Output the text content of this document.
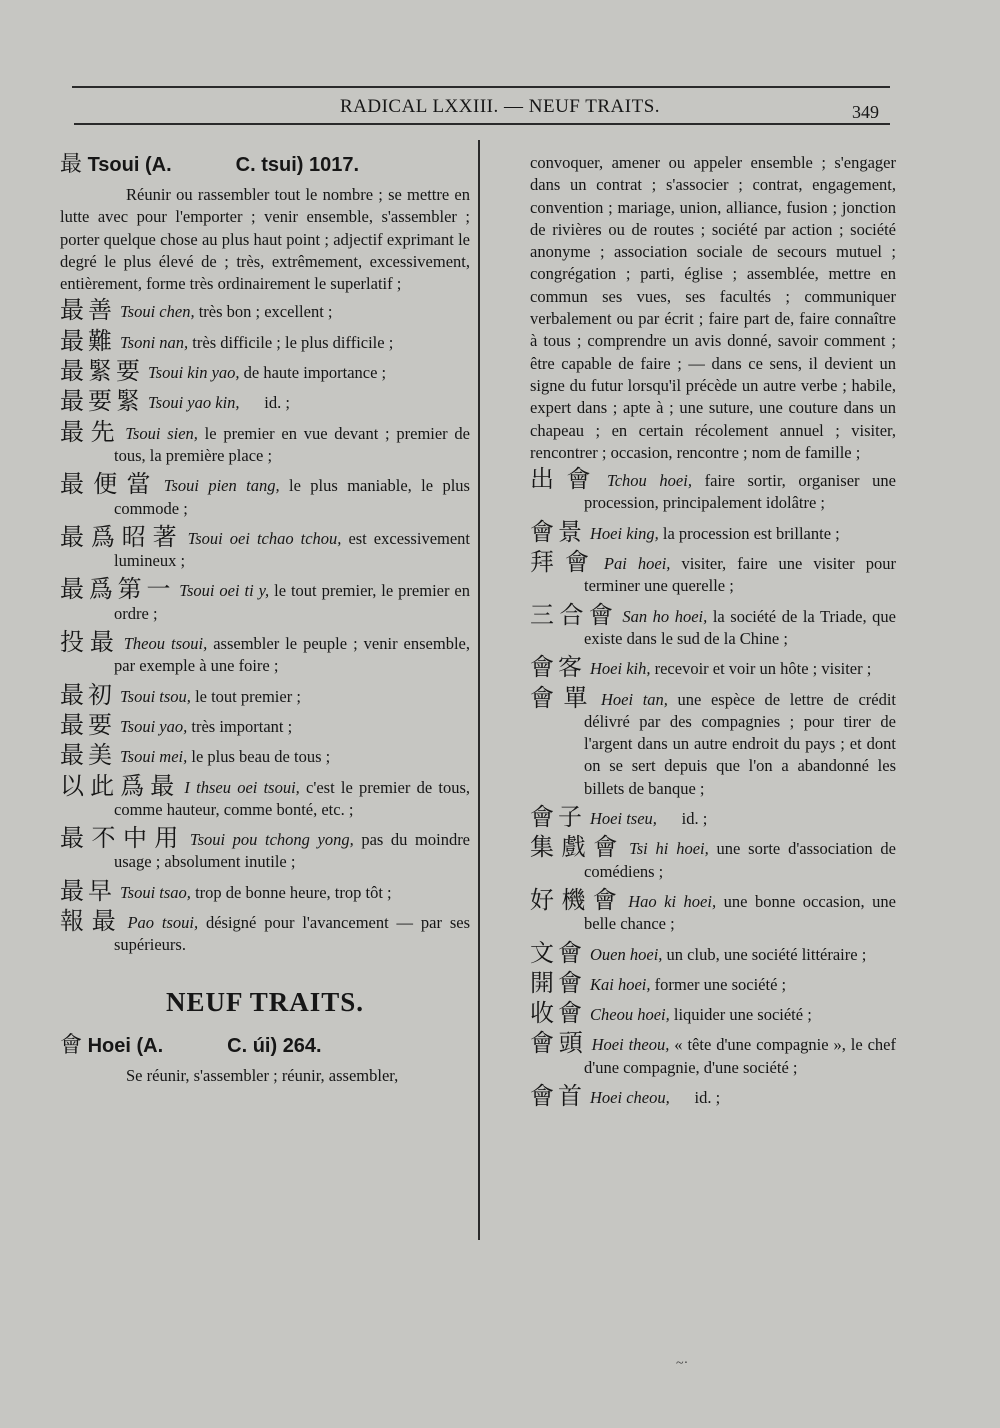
RADICAL LXXIII. — NEUF TRAITS.	349
最 Tsoui (A.	C. tsui) 1017.

Réunir ou rassembler tout le nombre ; se mettre en lutte avec pour l'emporter ; venir ensemble, s'assembler ; porter quelque chose au plus haut point ; adjectif exprimant le degré le plus élevé de ; très, extrêmement, excessivement, entièrement, forme très ordinairement le superlatif ;

最善 Tsoui chen, très bon ; excellent ;
最難 Tsoni nan, très difficile ; le plus difficile ;
最緊要 Tsoui kin yao, de haute importance ;
最要緊 Tsoui yao kin,      id. ;
最先 Tsoui sien, le premier en vue devant ; premier de tous, la première place ;
最便當 Tsoui pien tang, le plus maniable, le plus commode ;
最爲昭著 Tsoui oei tchao tchou, est excessivement lumineux ;
最爲第一 Tsoui oei ti y, le tout premier, le premier en ordre ;
投最 Theou tsoui, assembler le peuple ; venir ensemble, par exemple à une foire ;
最初 Tsoui tsou, le tout premier ;
最要 Tsoui yao, très important ;
最美 Tsoui mei, le plus beau de tous ;
以此爲最 I thseu oei tsoui, c'est le premier de tous, comme hauteur, comme bonté, etc. ;
最不中用 Tsoui pou tchong yong, pas du moindre usage ; absolument inutile ;
最早 Tsoui tsao, trop de bonne heure, trop tôt ;
報最 Pao tsoui, désigné pour l'avancement — par ses supérieurs.
NEUF TRAITS.
會 Hoei (A.	C. úi) 264.

Se réunir, s'assembler ; réunir, assembler,

convoquer, amener ou appeler ensemble ; s'engager dans un contrat ; s'associer ; contrat, engagement, convention ; mariage, union, alliance, fusion ; jonction de rivières ou de routes ; société par action ; société anonyme ; association sociale de secours mutuel ; congrégation ; parti, église ; assemblée, mettre en commun ses vues, ses facultés ; communiquer verbalement ou par écrit ; faire part de, faire connaître à tous ; comprendre un avis donné, savoir comment ; être capable de faire ; — dans ce sens, il devient un signe du futur lorsqu'il précède un autre verbe ; habile, expert dans ; apte à ; une suture, une couture dans un chapeau ; en certain récolement annuel ; visiter, rencontrer ; occasion, rencontre ; nom de famille ;

出會 Tchou hoei, faire sortir, organiser une procession, principalement idolâtre ;
會景 Hoei king, la procession est brillante ;
拜會 Pai hoei, visiter, faire une visiter pour terminer une querelle ;
三合會 San ho hoei, la société de la Triade, que existe dans le sud de la Chine ;
會客 Hoei kih, recevoir et voir un hôte ; visiter ;
會單 Hoei tan, une espèce de lettre de crédit délivré par des compagnies ; pour tirer de l'argent dans un autre endroit du pays ; et dont on se sert depuis que l'on a abandonné les billets de banque ;
會子 Hoei tseu,      id. ;
集戲會 Tsi hi hoei, une sorte d'association de comédiens ;
好機會 Hao ki hoei, une bonne occasion, une belle chance ;
文會 Ouen hoei, un club, une société littéraire ;
開會 Kai hoei, former une société ;
收會 Cheou hoei, liquider une société ;
會頭 Hoei theou, « tête d'une compagnie », le chef d'une compagnie, d'une société ;
會首 Hoei cheou,      id. ;
~·
